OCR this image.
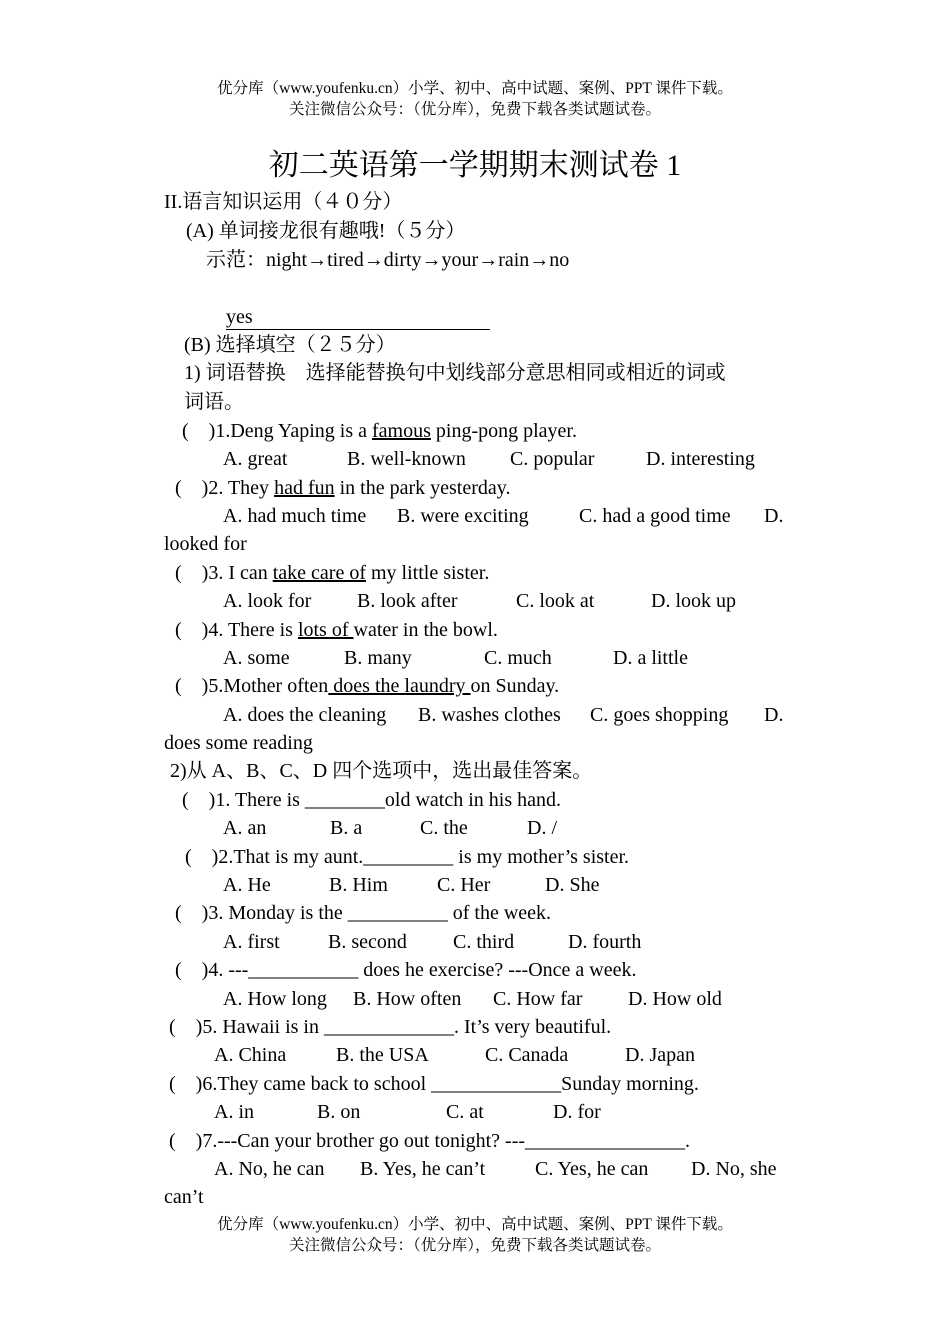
优分库（www.youfenku.cn）小学、初中、高中试题、案例、PPT 课件下载。
关注微信公众号：（优分库），免费下载各类试题试卷。
初二英语第一学期期末测试卷 1
II.语言知识运用（４０分）
(A) 单词接龙很有趣哦!（５分）
示范：night→tired→dirty→your→rain→no
yes
(B) 选择填空（２５分）
1) 词语替换　选择能替换句中划线部分意思相同或相近的词或
词语。
(　)1.Deng Yaping is a famous ping-pong player.
A. great	B. well-known C. popular	D. interesting
(　)2. They had fun in the park yesterday.
A. had much time B. were exciting	C. had a good time D.
looked for
(　)3. I can take care of my little sister.
A. look for B. look after	C. look at	D. look up
(　)4. There is lots of water in the bowl.
A. some	B. many	C. much	D. a little
(　)5.Mother often does the laundry on Sunday.
A. does the cleaning B. washes clothes C. goes shopping D.
does some reading
2)从 A、B、C、D 四个选项中，选出最佳答案。
(　)1. There is ________old watch in his hand.
A. an	B. a	C. the	D. /
(　)2.That is my aunt._________ is my mother’s sister.
A. He	B. Him C. Her	D. She
(　)3. Monday is the __________ of the week.
A. first B. second C. third	D. fourth
(　)4. ---___________ does he exercise? ---Once a week.
A. How long B. How often C. How far D. How old
(　)5. Hawaii is in _____________. It’s very beautiful.
A. China B. the USA	C. Canada	D. Japan
(　)6.They came back to school _____________Sunday morning.
A. in	B. on	C. at	D. for
(　)7.---Can your brother go out tonight? ---________________.
A. No, he can B. Yes, he can’t C. Yes, he can D. No, she
can’t
优分库（www.youfenku.cn）小学、初中、高中试题、案例、PPT 课件下载。
关注微信公众号：（优分库），免费下载各类试题试卷。
